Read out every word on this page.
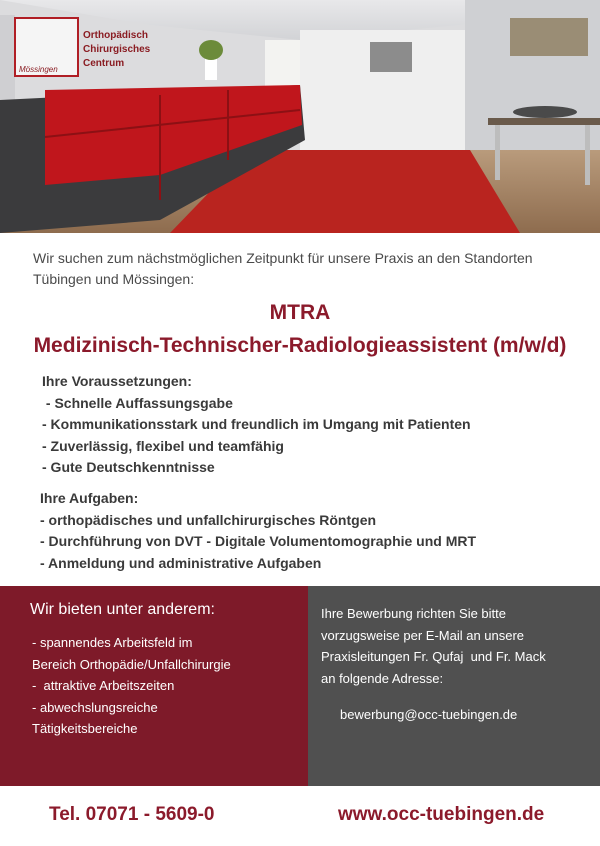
Orthopädisch
Chirurgisches
Centrum
Mössingen

Wir suchen zum nächstmöglichen Zeitpunkt für unsere Praxis an den Standorten Tübingen und Mössingen:

MTRA
Medizinisch-Technischer-Radiologieassistent (m/w/d)
Ihre Voraussetzungen:
- Schnelle Auffassungsgabe
- Kommunikationsstark und freundlich im Umgang mit Patienten
- Zuverlässig, flexibel und teamfähig
- Gute Deutschkenntnisse
Ihre Aufgaben:
- orthopädisches und unfallchirurgisches Röntgen
- Durchführung von DVT - Digitale Volumentomographie und MRT
- Anmeldung und administrative Aufgaben

Wir bieten unter anderem:

- spannendes Arbeitsfeld im
Bereich Orthopädie/Unfallchirurgie
-  attraktive Arbeitszeiten
- abwechslungsreiche
Tätigkeitsbereiche
Ihre Bewerbung richten Sie bitte
vorzugsweise per E-Mail an unsere
Praxisleitungen Fr. Qufaj  und Fr. Mack
an folgende Adresse:

bewerbung@occ-tuebingen.de

Tel. 07071 - 5609-0	www.occ-tuebingen.de
